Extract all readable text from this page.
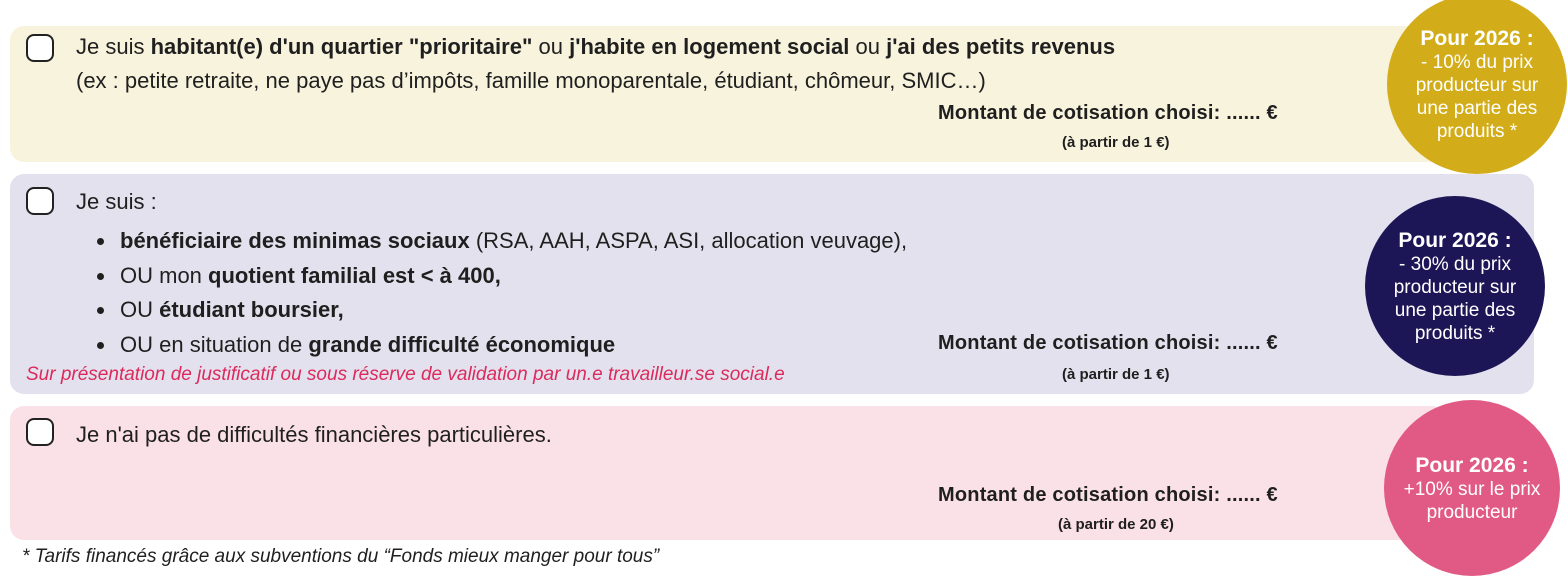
Je suis habitant(e) d'un quartier "prioritaire" ou j'habite en logement social ou j'ai des petits revenus
(ex : petite retraite, ne paye pas d’impôts, famille monoparentale, étudiant, chômeur, SMIC…)
Montant de cotisation choisi: ...... €
(à partir de 1 €)
Pour 2026 :
- 10% du prix
producteur sur
une partie des
produits *
Je suis :
bénéficiaire des minimas sociaux (RSA, AAH, ASPA, ASI, allocation veuvage),
OU mon quotient familial est < à 400,
OU étudiant boursier,
OU en situation de grande difficulté économique
Sur présentation de justificatif ou sous réserve de validation par un.e travailleur.se social.e
Montant de cotisation choisi: ...... €
(à partir de 1 €)
Pour 2026 :
- 30% du prix
producteur sur
une partie des
produits *
Je n'ai pas de difficultés financières particulières.
Montant de cotisation choisi: ...... €
(à partir de 20 €)
Pour 2026 :
+10% sur le prix
producteur
* Tarifs financés grâce aux subventions du “Fonds mieux manger pour tous”
